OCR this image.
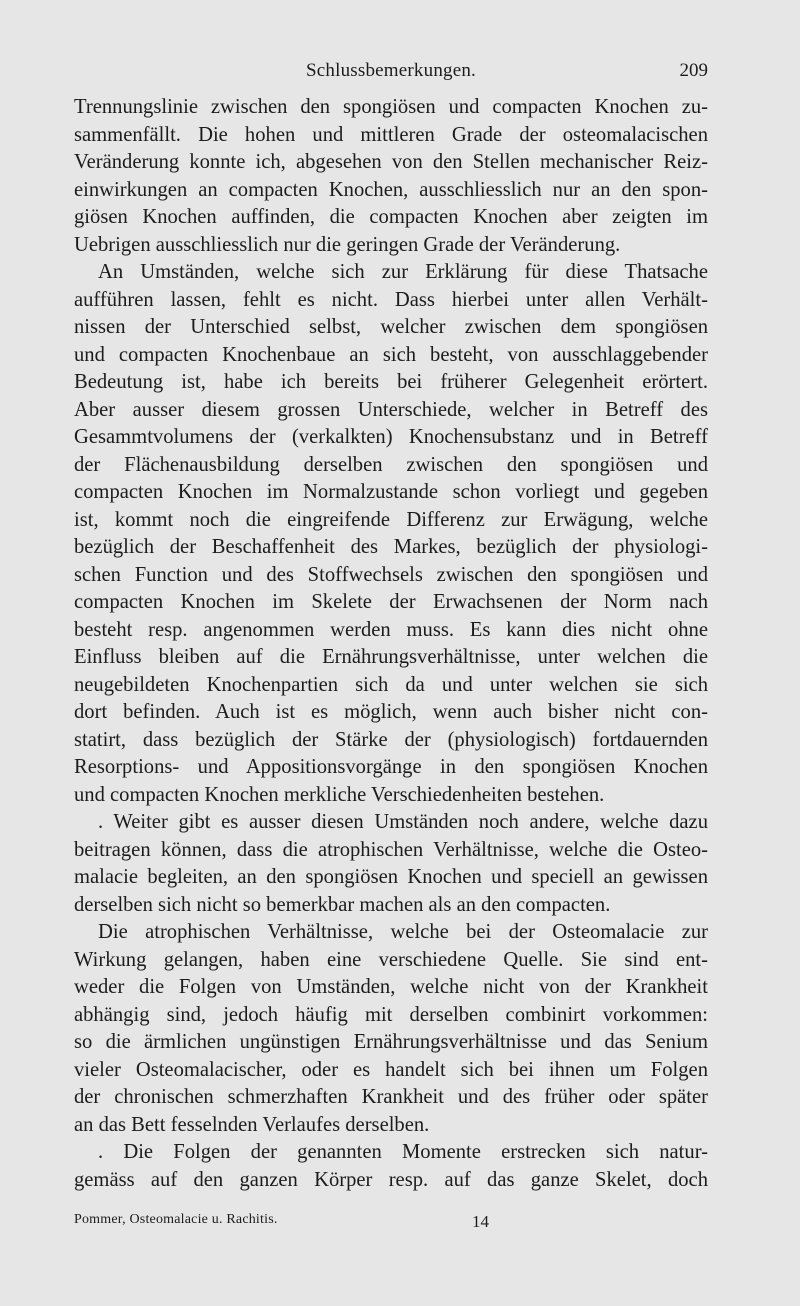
Schlussbemerkungen.	209
Trennungslinie zwischen den spongiösen und compacten Knochen zu-
sammenfällt. Die hohen und mittleren Grade der osteomalacischen
Veränderung konnte ich, abgesehen von den Stellen mechanischer Reiz-
einwirkungen an compacten Knochen, ausschliesslich nur an den spon-
giösen Knochen auffinden, die compacten Knochen aber zeigten im
Uebrigen ausschliesslich nur die geringen Grade der Veränderung.
An Umständen, welche sich zur Erklärung für diese Thatsache
aufführen lassen, fehlt es nicht. Dass hierbei unter allen Verhält-
nissen der Unterschied selbst, welcher zwischen dem spongiösen
und compacten Knochenbaue an sich besteht, von ausschlaggebender
Bedeutung ist, habe ich bereits bei früherer Gelegenheit erörtert.
Aber ausser diesem grossen Unterschiede, welcher in Betreff des
Gesammtvolumens der (verkalkten) Knochensubstanz und in Betreff
der Flächenausbildung derselben zwischen den spongiösen und
compacten Knochen im Normalzustande schon vorliegt und gegeben
ist, kommt noch die eingreifende Differenz zur Erwägung, welche
bezüglich der Beschaffenheit des Markes, bezüglich der physiologi-
schen Function und des Stoffwechsels zwischen den spongiösen und
compacten Knochen im Skelete der Erwachsenen der Norm nach
besteht resp. angenommen werden muss. Es kann dies nicht ohne
Einfluss bleiben auf die Ernährungsverhältnisse, unter welchen die
neugebildeten Knochenpartien sich da und unter welchen sie sich
dort befinden. Auch ist es möglich, wenn auch bisher nicht con-
statirt, dass bezüglich der Stärke der (physiologisch) fortdauernden
Resorptions- und Appositionsvorgänge in den spongiösen Knochen
und compacten Knochen merkliche Verschiedenheiten bestehen.
. Weiter gibt es ausser diesen Umständen noch andere, welche dazu
beitragen können, dass die atrophischen Verhältnisse, welche die Osteo-
malacie begleiten, an den spongiösen Knochen und speciell an gewissen
derselben sich nicht so bemerkbar machen als an den compacten.
Die atrophischen Verhältnisse, welche bei der Osteomalacie zur
Wirkung gelangen, haben eine verschiedene Quelle. Sie sind ent-
weder die Folgen von Umständen, welche nicht von der Krankheit
abhängig sind, jedoch häufig mit derselben combinirt vorkommen:
so die ärmlichen ungünstigen Ernährungsverhältnisse und das Senium
vieler Osteomalacischer, oder es handelt sich bei ihnen um Folgen
der chronischen schmerzhaften Krankheit und des früher oder später
an das Bett fesselnden Verlaufes derselben.
. Die Folgen der genannten Momente erstrecken sich natur-
gemäss auf den ganzen Körper resp. auf das ganze Skelet, doch
Pommer, Osteomalacie u. Rachitis.	14
